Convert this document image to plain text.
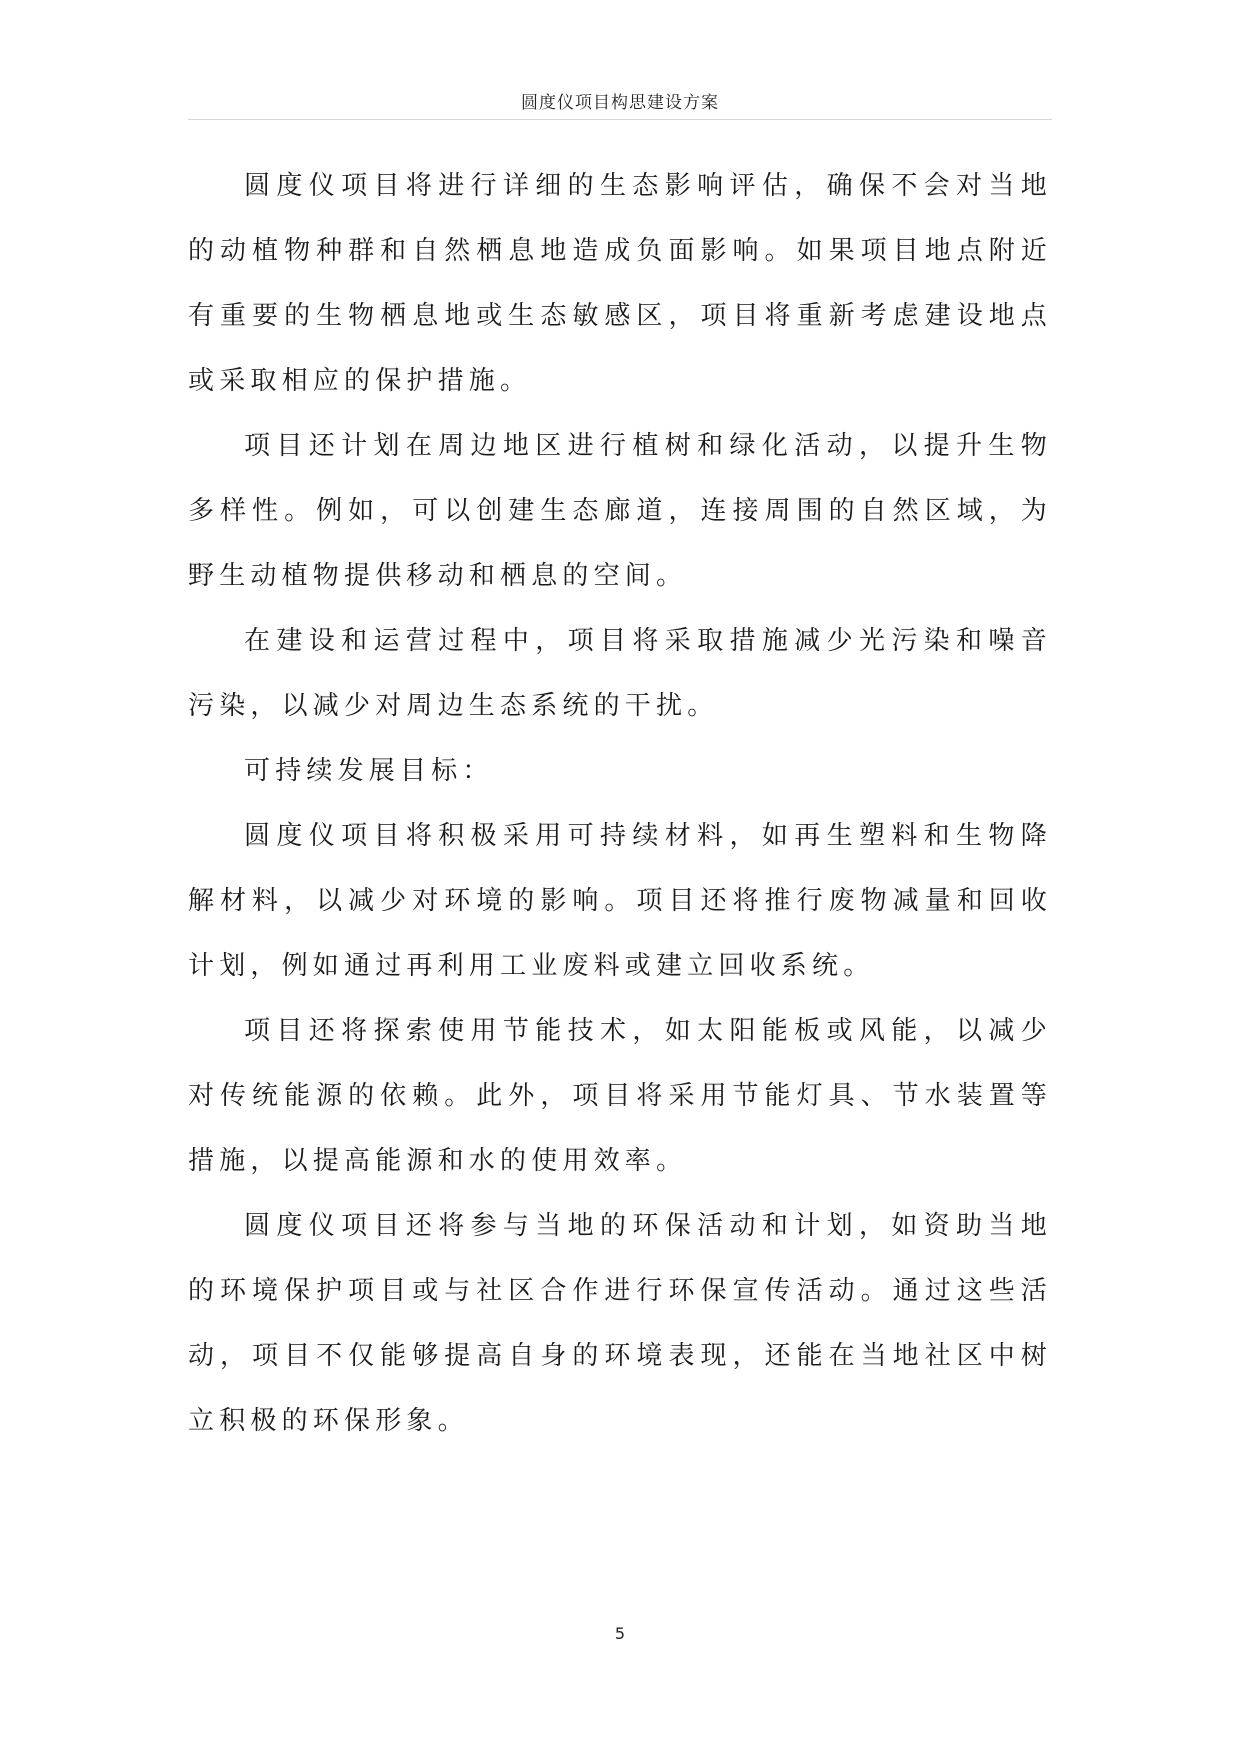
圆度仪项目构思建设方案

圆度仪项目将进行详细的生态影响评估，确保不会对当地的动植物种群和自然栖息地造成负面影响。如果项目地点附近有重要的生物栖息地或生态敏感区，项目将重新考虑建设地点或采取相应的保护措施。

项目还计划在周边地区进行植树和绿化活动，以提升生物多样性。例如，可以创建生态廊道，连接周围的自然区域，为野生动植物提供移动和栖息的空间。

在建设和运营过程中，项目将采取措施减少光污染和噪音污染，以减少对周边生态系统的干扰。

可持续发展目标：

圆度仪项目将积极采用可持续材料，如再生塑料和生物降解材料，以减少对环境的影响。项目还将推行废物减量和回收计划，例如通过再利用工业废料或建立回收系统。

项目还将探索使用节能技术，如太阳能板或风能，以减少对传统能源的依赖。此外，项目将采用节能灯具、节水装置等措施，以提高能源和水的使用效率。

圆度仪项目还将参与当地的环保活动和计划，如资助当地的环境保护项目或与社区合作进行环保宣传活动。通过这些活动，项目不仅能够提高自身的环境表现，还能在当地社区中树立积极的环保形象。

5
